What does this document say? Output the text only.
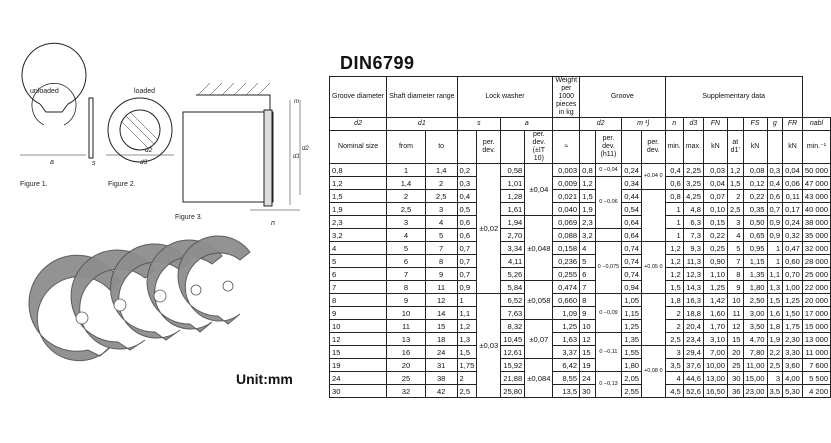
a	s
unloaded
Figure 1.
loaded
d2
d3
Figure 2.
m
d1
d2
n
Figure 3.
Unit:mm
DIN6799
Groove diameter	Shaft diameter range		Lock washer				Weight per 1000 pieces in kg	Groove				Supplementary data							
d2	d1		s		a			d2		m ¹)		n	d3	FN		FS	g	FR	nabl
Nominal size	from	to		per. dev.		per. dev. (±IT 10)	≈		per. dev. (h11)		per. dev.	min.	max.	kN	at d1'	kN		kN	min.⁻¹
0,8	1	1,4	0,2	±0,02	0,58	±0,04	0,003	0,8	0 −0,04	0,24	+0,04 0	0,4	2,25	0,03	1,2	0,08	0,3	0,04	50 000
1,2	1,4	2	0,3		1,01		0,009	1,2	0 −0,06	0,34		0,6	3,25	0,04	1,5	0,12	0,4	0,06	47 000
1,5	2	2,5	0,4		1,28		0,021	1,5		0,44		0,8	4,25	0,07	2	0,22	0,6	0,11	43 000
1,9	2,5	3	0,5		1,61		0,040	1,9		0,54		1	4,8	0,10	2,5	0,35	0,7	0,17	40 000
2,3	3	4	0,6		1,94	±0,048	0,069	2,3		0,64		1	6,3	0,15	3	0,50	0,9	0,24	38 000
3,2	4	5	0,6		2,70		0,088	3,2		0,64		1	7,3	0,22	4	0,65	0,9	0,32	35 000
4	5	7	0,7		3,34		0,158	4	0 −0,075	0,74	+0,05 0	1,2	9,3	0,25	5	0,95	1	0,47	32 000
5	6	8	0,7		4,11		0,236	5		0,74		1,2	11,3	0,90	7	1,15	1	0,60	28 000
6	7	9	0,7		5,26		0,255	6		0,74		1,2	12,3	1,10	8	1,35	1,1	0,70	25 000
7	8	11	0,9		5,84	±0,058	0,474	7		0,94		1,5	14,3	1,25	9	1,80	1,3	1,00	22 000
8	9	12	1	±0,03	6,52		0,660	8	0 −0,09	1,05		1,8	16,3	1,42	10	2,50	1,5	1,25	20 000
9	10	14	1,1		7,63		1,09	9		1,15		2	18,8	1,60	11	3,00	1,6	1,50	17 000
10	11	15	1,2		8,32	±0,07	1,25	10		1,25		2	20,4	1,70	12	3,50	1,8	1,75	15 000
12	13	18	1,3		10,45		1,63	12	0 −0,11	1,35		2,5	23,4	3,10	15	4,70	1,9	2,30	13 000
15	16	24	1,5		12,61		3,37	15		1,55	+0,08 0	3	29,4	7,00	20	7,80	2,2	3,30	11 000
19	20	31	1,75		15,92	±0,084	6,42	19		1,80		3,5	37,6	10,00	25	11,00	2,5	3,60	7 600
24	25	38	2		21,88		8,55	24	0 −0,13	2,05		4	44,6	13,00	30	15,00	3	4,00	5 500
30	32	42	2,5		25,80		13,5	30		2,55		4,5	52,6	16,50	36	23,00	3,5	5,30	4 200
